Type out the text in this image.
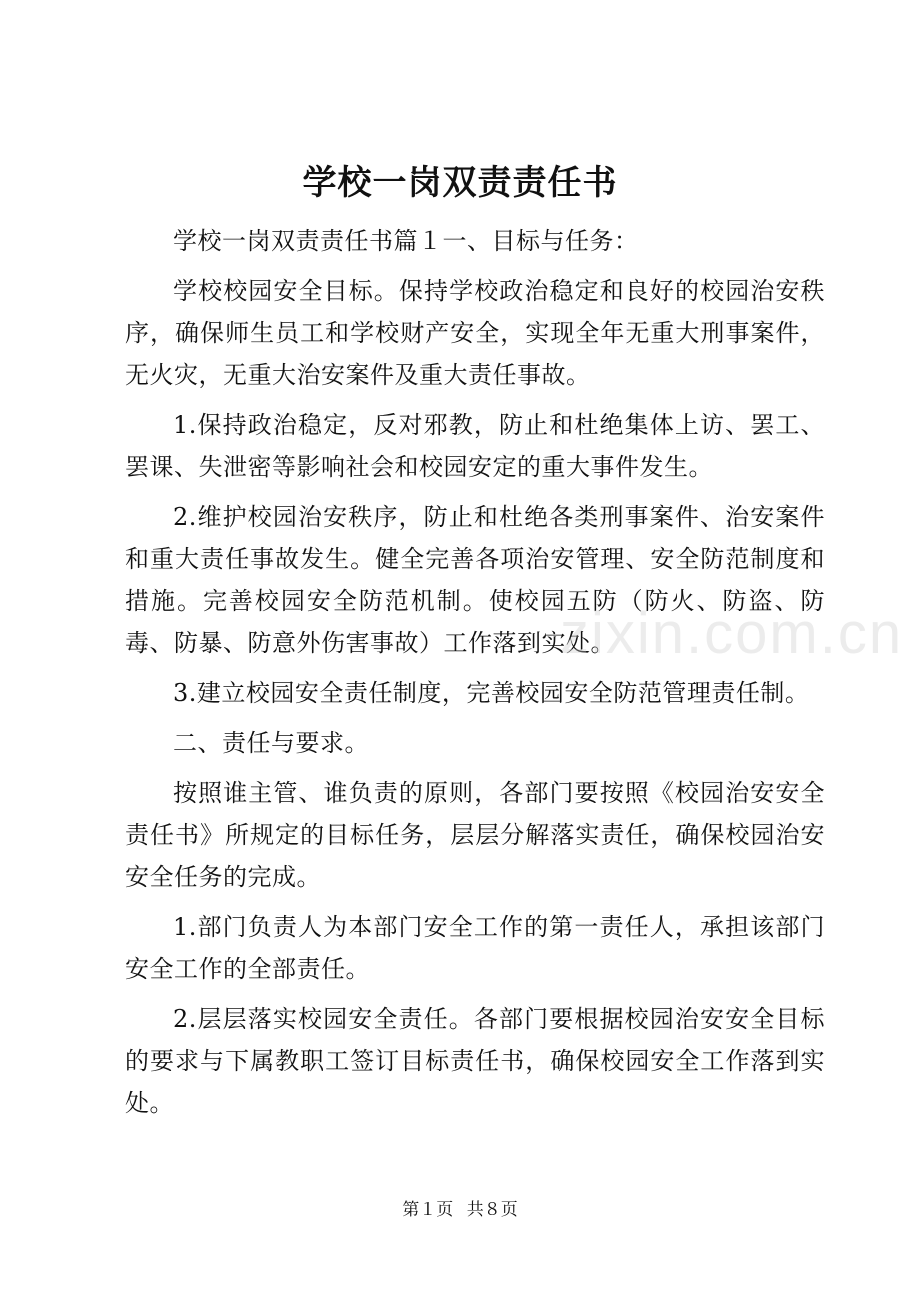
学校一岗双责责任书

学校一岗双责责任书篇１一、目标与任务：

学校校园安全目标。保持学校政治稳定和良好的校园治安秩序，确保师生员工和学校财产安全，实现全年无重大刑事案件，无火灾，无重大治安案件及重大责任事故。

1.保持政治稳定，反对邪教，防止和杜绝集体上访、罢工、罢课、失泄密等影响社会和校园安定的重大事件发生。

2.维护校园治安秩序，防止和杜绝各类刑事案件、治安案件和重大责任事故发生。健全完善各项治安管理、安全防范制度和措施。完善校园安全防范机制。使校园五防（防火、防盗、防毒、防暴、防意外伤害事故）工作落到实处。

3.建立校园安全责任制度，完善校园安全防范管理责任制。

二、责任与要求。

按照谁主管、谁负责的原则，各部门要按照《校园治安安全责任书》所规定的目标任务，层层分解落实责任，确保校园治安安全任务的完成。

1.部门负责人为本部门安全工作的第一责任人，承担该部门安全工作的全部责任。

2.层层落实校园安全责任。各部门要根据校园治安安全目标的要求与下属教职工签订目标责任书，确保校园安全工作落到实处。

zixin.com.cn
第１页 共８页
